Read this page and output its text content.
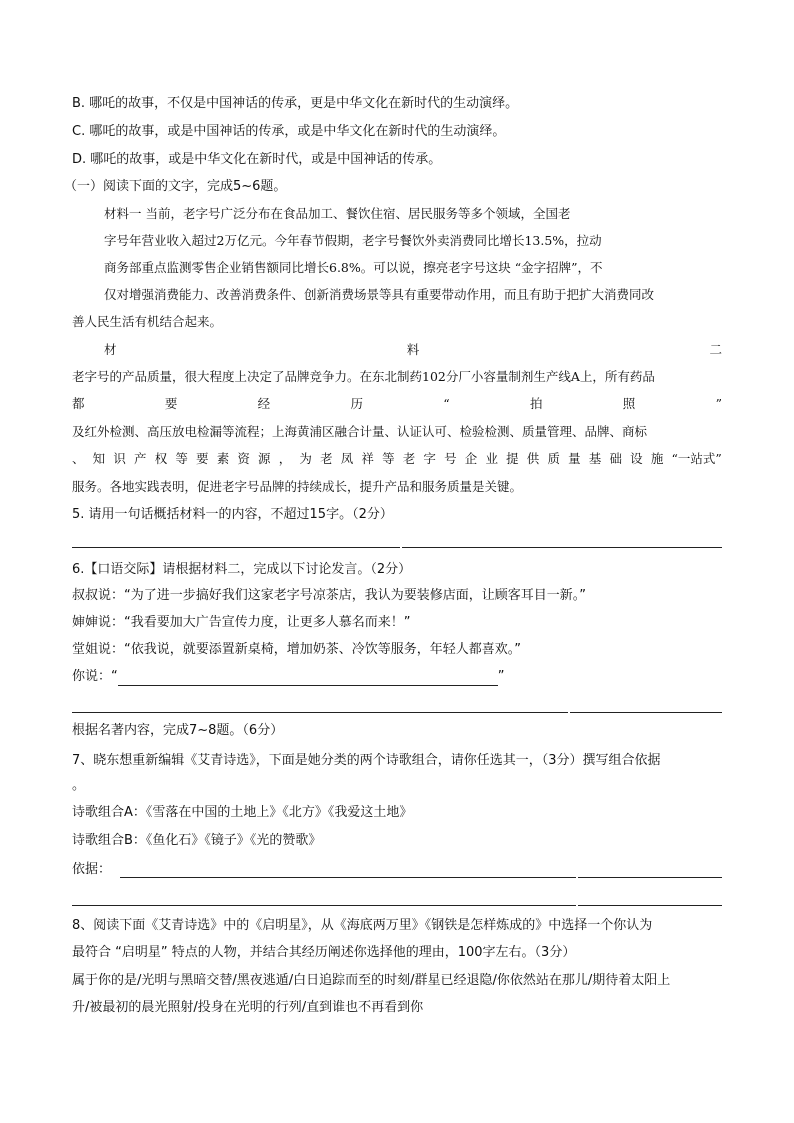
B. 哪吒的故事，不仅是中国神话的传承，更是中华文化在新时代的生动演绎。
C. 哪吒的故事，或是中国神话的传承，或是中华文化在新时代的生动演绎。
D. 哪吒的故事，或是中华文化在新时代，或是中国神话的传承。
（一）阅读下面的文字，完成5~6题。
材料一 当前，老字号广泛分布在食品加工、餐饮住宿、居民服务等多个领域，全国老
字号年营业收入超过2万亿元。今年春节假期，老字号餐饮外卖消费同比增长13.5%，拉动
商务部重点监测零售企业销售额同比增长6.8%。可以说，擦亮老字号这块 “金字招牌”，不
仅对增强消费能力、改善消费条件、创新消费场景等具有重要带动作用，而且有助于把扩大消费同改
善人民生活有机结合起来。
材	料	二
老字号的产品质量，很大程度上决定了品牌竞争力。在东北制药102分厂小容量制剂生产线A上，所有药品
都	要	经	历	“	拍	照	”
及红外检测、高压放电检漏等流程；上海黄浦区融合计量、认证认可、检验检测、质量管理、品牌、商标
、 知 识 产 权 等 要 素 资 源 ， 为 老 凤 祥 等 老 字 号 企 业 提 供 质 量 基 础 设 施 “一站式”
服务。各地实践表明，促进老字号品牌的持续成长，提升产品和服务质量是关键。
5. 请用一句话概括材料一的内容，不超过15字。（2分）
6.【口语交际】请根据材料二，完成以下讨论发言。（2分）
叔叔说：“为了进一步搞好我们这家老字号凉茶店，我认为要装修店面，让顾客耳目一新。”
婶婶说：“我看要加大广告宣传力度，让更多人慕名而来！”
堂姐说：“依我说，就要添置新桌椅，增加奶茶、冷饮等服务，年轻人都喜欢。”
你说：“	”
根据名著内容，完成7~8题。（6分）
7、晓东想重新编辑《艾青诗选》，下面是她分类的两个诗歌组合，请你任选其一，（3分）撰写组合依据
。
诗歌组合A：《雪落在中国的土地上》《北方》《我爱这土地》
诗歌组合B：《鱼化石》《镜子》《光的赞歌》
依据：
8、阅读下面《艾青诗选》中的《启明星》，从《海底两万里》《钢铁是怎样炼成的》中选择一个你认为
最符合 “启明星” 特点的人物，并结合其经历阐述你选择他的理由，100字左右。（3分）
属于你的是/光明与黑暗交替/黑夜逃遁/白日追踪而至的时刻/群星已经退隐/你依然站在那儿/期待着太阳上
升/被最初的晨光照射/投身在光明的行列/直到谁也不再看到你
